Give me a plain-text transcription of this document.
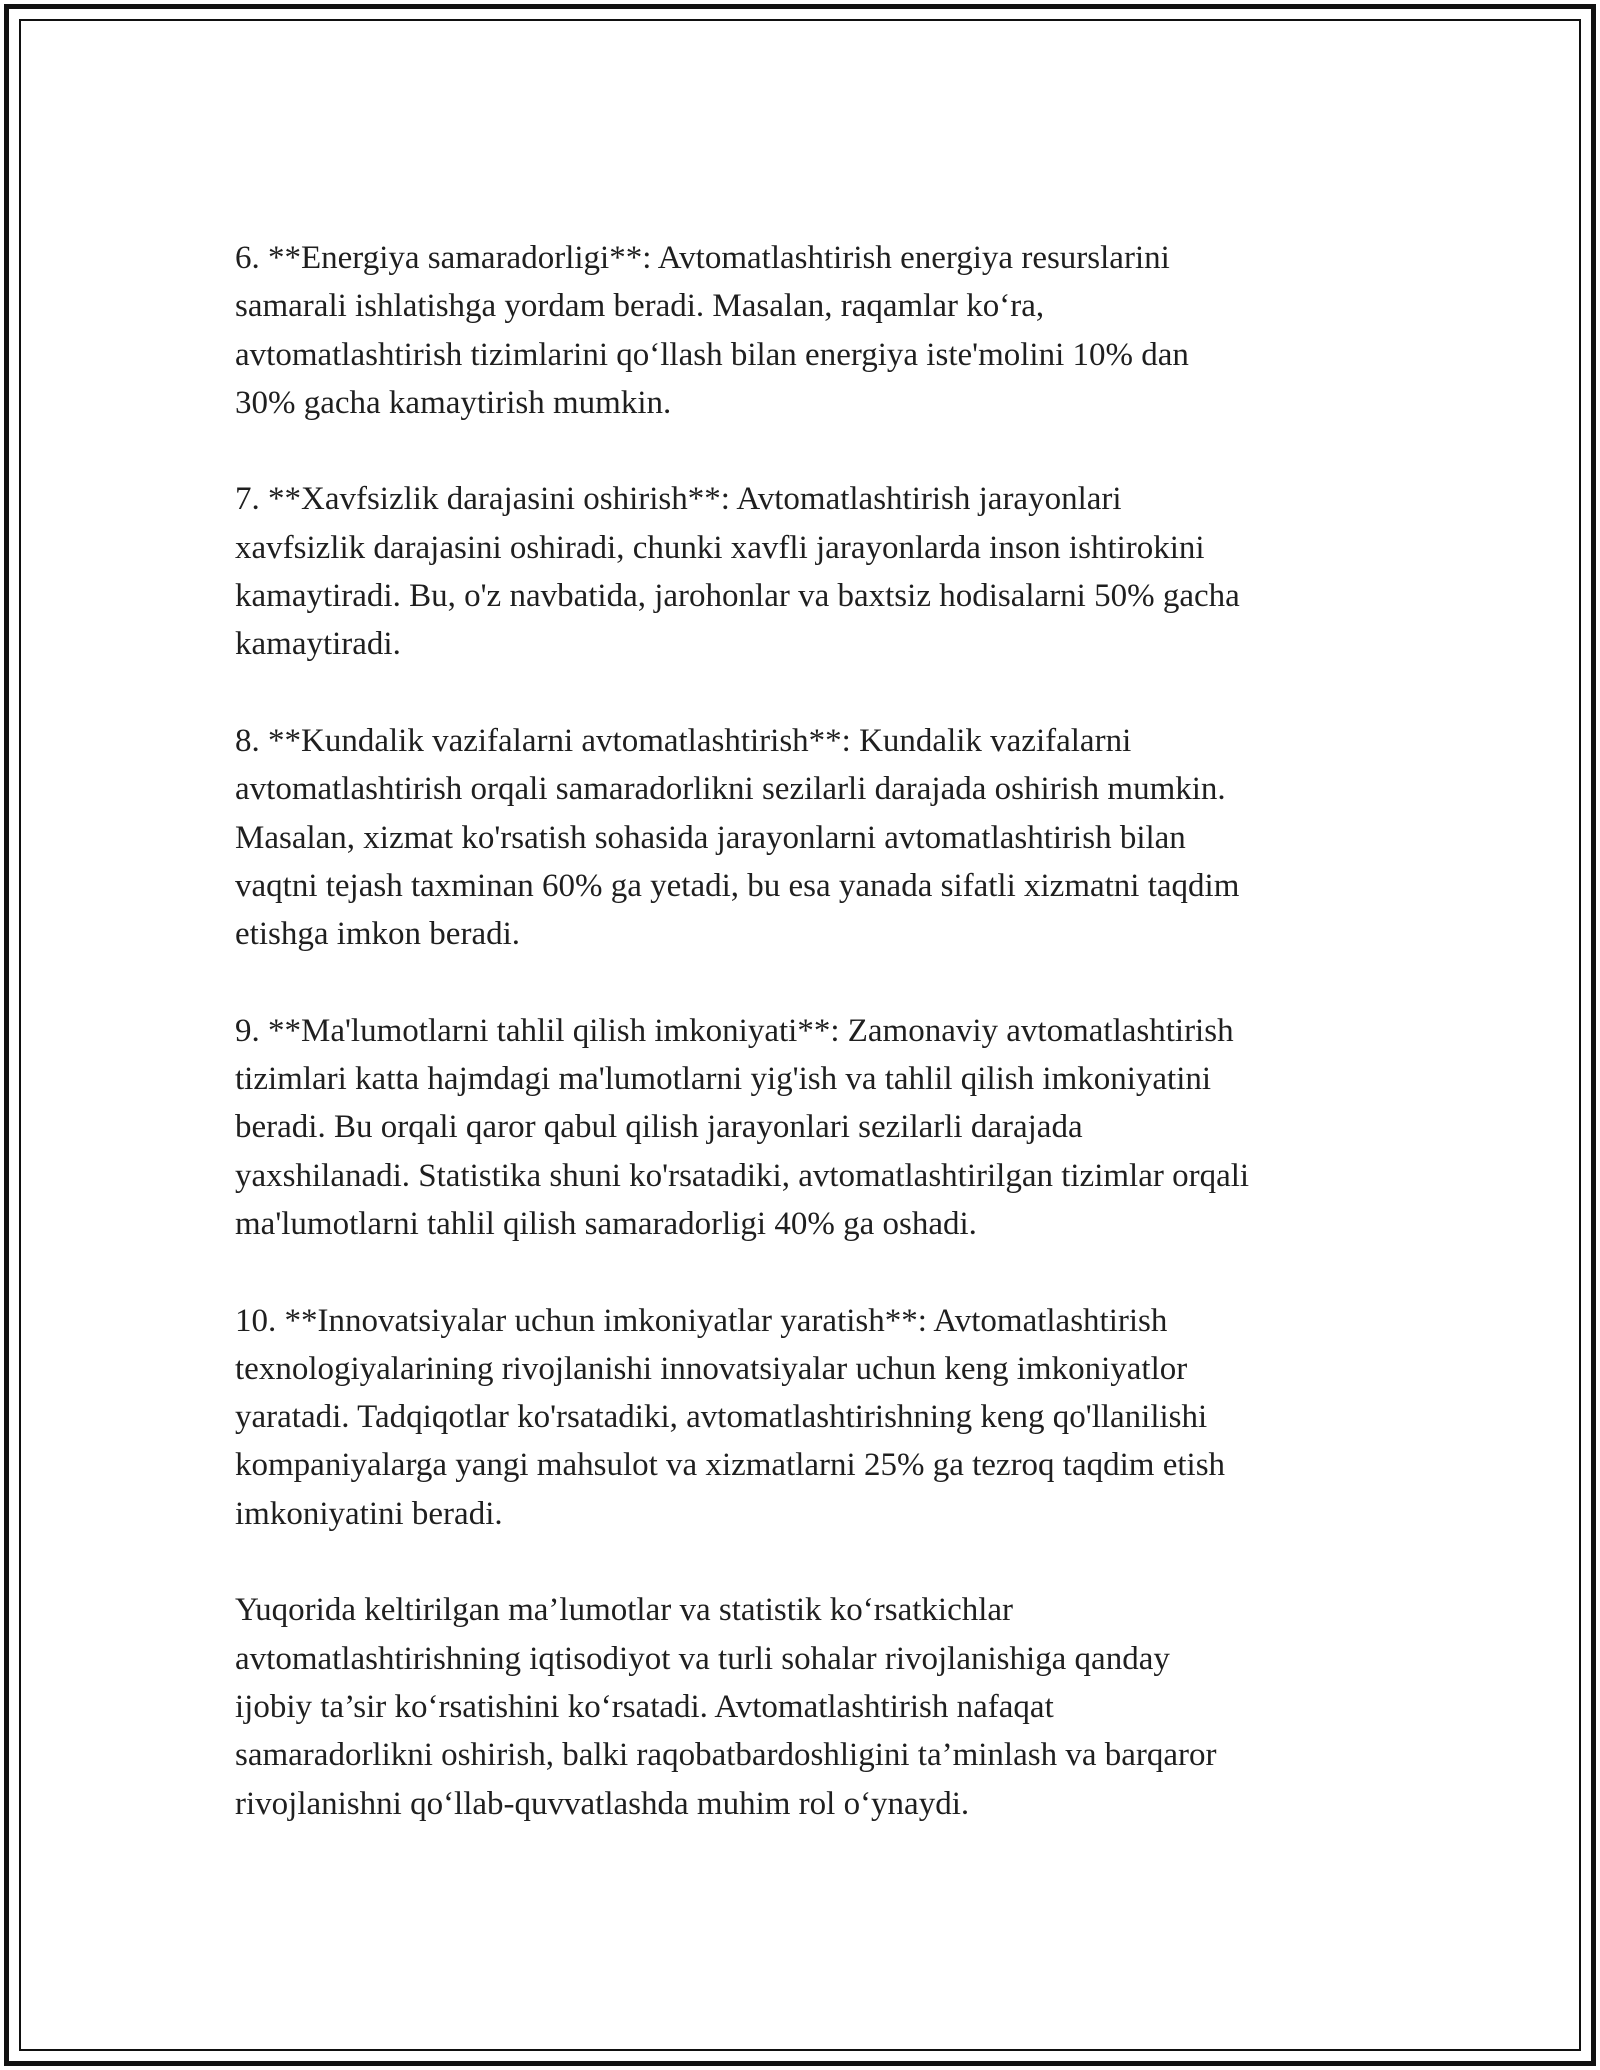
6. **Energiya samaradorligi**: Avtomatlashtirish energiya resurslarini
samarali ishlatishga yordam beradi. Masalan, raqamlar ko‘ra,
avtomatlashtirish tizimlarini qo‘llash bilan energiya iste'molini 10% dan
30% gacha kamaytirish mumkin.

7. **Xavfsizlik darajasini oshirish**: Avtomatlashtirish jarayonlari
xavfsizlik darajasini oshiradi, chunki xavfli jarayonlarda inson ishtirokini
kamaytiradi. Bu, o'z navbatida, jarohonlar va baxtsiz hodisalarni 50% gacha
kamaytiradi.

8. **Kundalik vazifalarni avtomatlashtirish**: Kundalik vazifalarni
avtomatlashtirish orqali samaradorlikni sezilarli darajada oshirish mumkin.
Masalan, xizmat ko'rsatish sohasida jarayonlarni avtomatlashtirish bilan
vaqtni tejash taxminan 60% ga yetadi, bu esa yanada sifatli xizmatni taqdim
etishga imkon beradi.

9. **Ma'lumotlarni tahlil qilish imkoniyati**: Zamonaviy avtomatlashtirish
tizimlari katta hajmdagi ma'lumotlarni yig'ish va tahlil qilish imkoniyatini
beradi. Bu orqali qaror qabul qilish jarayonlari sezilarli darajada
yaxshilanadi. Statistika shuni ko'rsatadiki, avtomatlashtirilgan tizimlar orqali
ma'lumotlarni tahlil qilish samaradorligi 40% ga oshadi.

10. **Innovatsiyalar uchun imkoniyatlar yaratish**: Avtomatlashtirish
texnologiyalarining rivojlanishi innovatsiyalar uchun keng imkoniyatlor
yaratadi. Tadqiqotlar ko'rsatadiki, avtomatlashtirishning keng qo'llanilishi
kompaniyalarga yangi mahsulot va xizmatlarni 25% ga tezroq taqdim etish
imkoniyatini beradi.

Yuqorida keltirilgan ma’lumotlar va statistik ko‘rsatkichlar
avtomatlashtirishning iqtisodiyot va turli sohalar rivojlanishiga qanday
ijobiy ta’sir ko‘rsatishini ko‘rsatadi. Avtomatlashtirish nafaqat
samaradorlikni oshirish, balki raqobatbardoshligini ta’minlash va barqaror
rivojlanishni qo‘llab-quvvatlashda muhim rol o‘ynaydi.
